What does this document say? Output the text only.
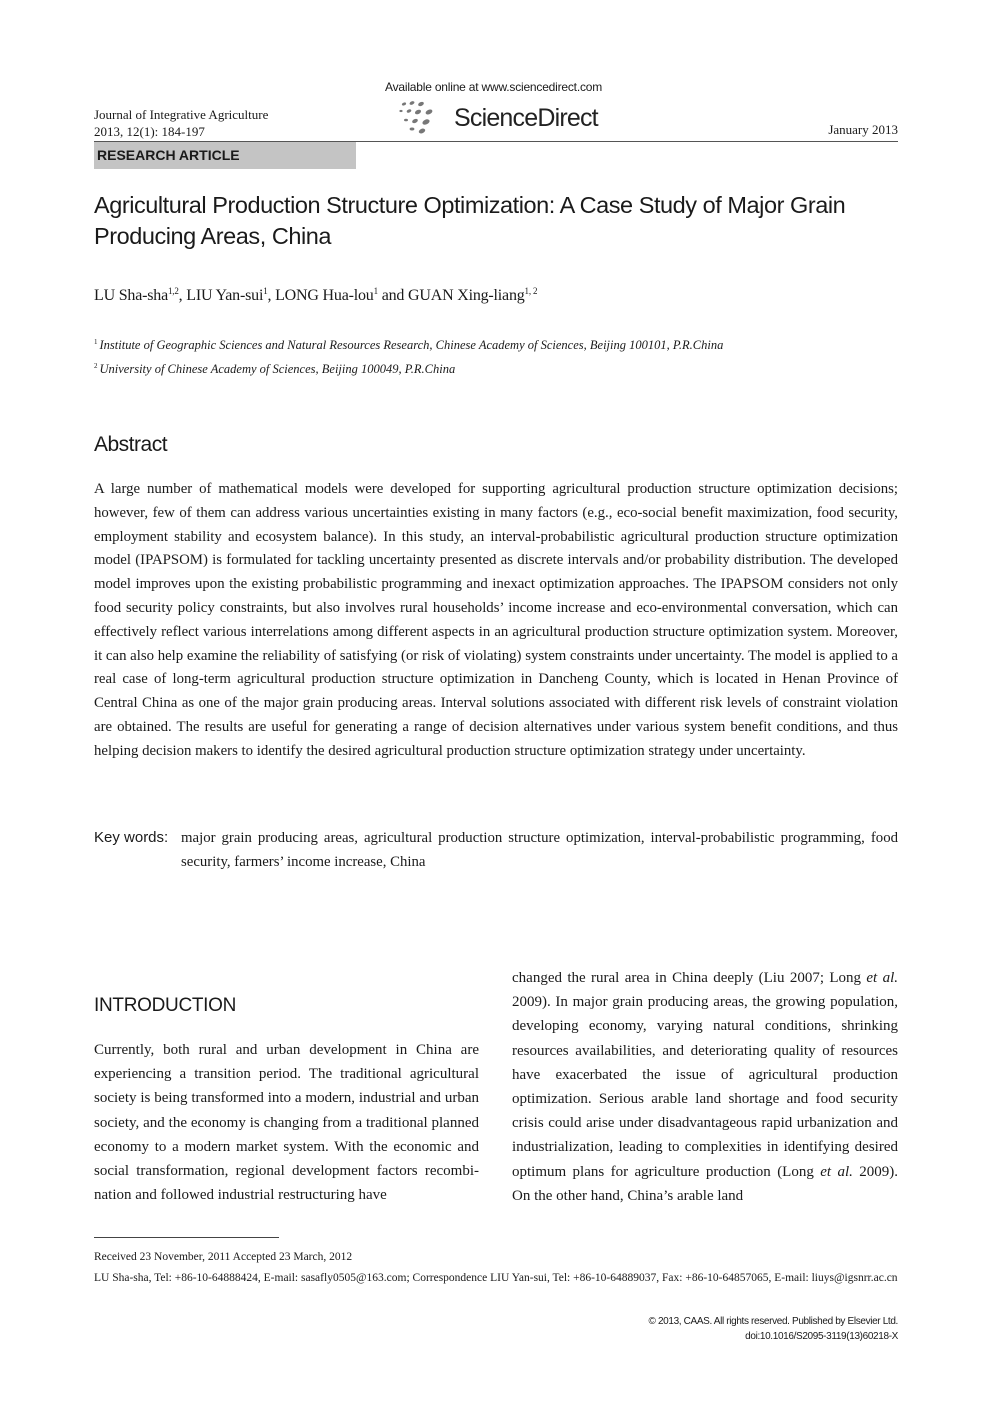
Journal of Integrative Agriculture
2013, 12(1): 184-197
Available online at www.sciencedirect.com
ScienceDirect	January 2013
RESEARCH ARTICLE
Agricultural Production Structure Optimization: A Case Study of Major Grain Producing Areas, China
LU Sha-sha$^{1,2}$, LIU Yan-sui$^1$, LONG Hua-lou$^1$ and GUAN Xing-liang$^{1, 2}$
$^1$ Institute of Geographic Sciences and Natural Resources Research, Chinese Academy of Sciences, Beijing 100101, P.R.China
$^2$ University of Chinese Academy of Sciences, Beijing 100049, P.R.China
Abstract
A large number of mathematical models were developed for supporting agricultural production structure optimization decisions; however, few of them can address various uncertainties existing in many factors (e.g., eco-social benefit maximization, food security, employment stability and ecosystem balance). In this study, an interval-probabilistic agricultural production structure optimization model (IPAPSOM) is formulated for tackling uncertainty presented as discrete intervals and/or probability distribution. The developed model improves upon the existing probabilistic programming and inexact optimization approaches. The IPAPSOM considers not only food security policy constraints, but also involves rural households’ income increase and eco-environmental conversation, which can effectively reflect various interrelations among different aspects in an agricultural production structure optimization system. Moreover, it can also help examine the reliability of satisfying (or risk of violating) system constraints under uncertainty. The model is applied to a real case of long-term agricultural production structure optimization in Dancheng County, which is located in Henan Province of Central China as one of the major grain producing areas. Interval solutions associated with different risk levels of constraint violation are obtained. The results are useful for generating a range of decision alternatives under various system benefit conditions, and thus helping decision makers to identify the desired agricultural production structure optimization strategy under uncertainty.
Key words: major grain producing areas, agricultural production structure optimization, interval-probabilistic programming, food security, farmers’ income increase, China
INTRODUCTION
Currently, both rural and urban development in China are experiencing a transition period. The traditional agricultural society is being transformed into a modern, industrial and urban society, and the economy is changing from a traditional planned economy to a modern market system. With the economic and social transformation, regional development factors recombination and followed industrial restructuring have
changed the rural area in China deeply (Liu 2007; Long et al. 2009). In major grain producing areas, the growing population, developing economy, varying natural conditions, shrinking resources availabilities, and deteriorating quality of resources have exacerbated the issue of agricultural production optimization. Serious arable land shortage and food security crisis could arise under disadvantageous rapid urbanization and industrialization, leading to complexities in identifying desired optimum plans for agriculture production (Long et al. 2009). On the other hand, China’s arable land
Received 23 November, 2011 Accepted 23 March, 2012
LU Sha-sha, Tel: +86-10-64888424, E-mail: sasafly0505@163.com; Correspondence LIU Yan-sui, Tel: +86-10-64889037, Fax: +86-10-64857065, E-mail: liuys@igsnrr.ac.cn
© 2013, CAAS. All rights reserved. Published by Elsevier Ltd.
doi:10.1016/S2095-3119(13)60218-X
